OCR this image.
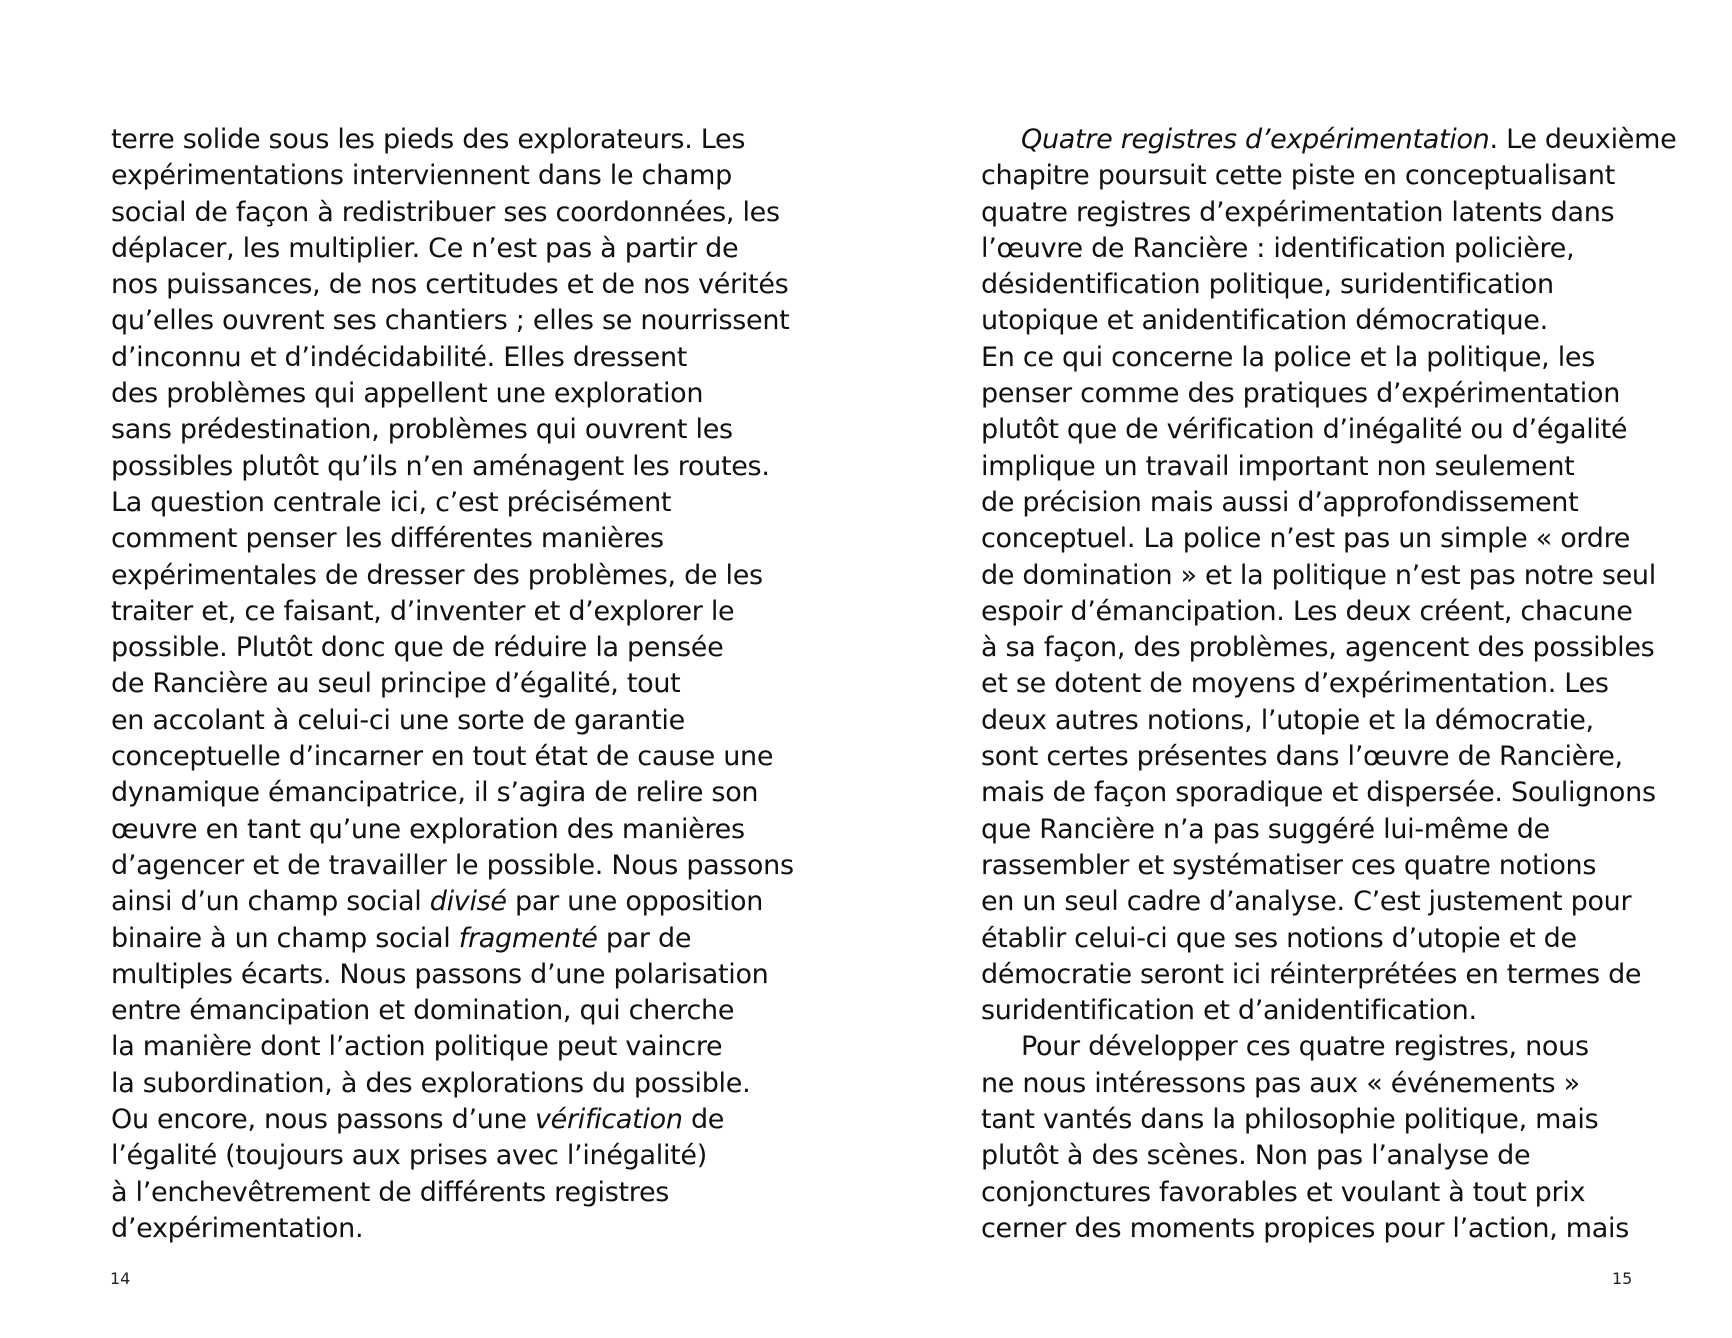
terre solide sous les pieds des explorateurs. Les
expérimentations interviennent dans le champ
social de façon à redistribuer ses coordonnées, les
déplacer, les multiplier. Ce n’est pas à partir de
nos puissances, de nos certitudes et de nos vérités
qu’elles ouvrent ses chantiers ; elles se nourrissent
d’inconnu et d’indécidabilité. Elles dressent
des problèmes qui appellent une exploration
sans prédestination, problèmes qui ouvrent les
possibles plutôt qu’ils n’en aménagent les routes.
La question centrale ici, c’est précisément
comment penser les différentes manières
expérimentales de dresser des problèmes, de les
traiter et, ce faisant, d’inventer et d’explorer le
possible. Plutôt donc que de réduire la pensée
de Rancière au seul principe d’égalité, tout
en accolant à celui-ci une sorte de garantie
conceptuelle d’incarner en tout état de cause une
dynamique émancipatrice, il s’agira de relire son
œuvre en tant qu’une exploration des manières
d’agencer et de travailler le possible. Nous passons
ainsi d’un champ social divisé par une opposition
binaire à un champ social fragmenté par de
multiples écarts. Nous passons d’une polarisation
entre émancipation et domination, qui cherche
la manière dont l’action politique peut vaincre
la subordination, à des explorations du possible.
Ou encore, nous passons d’une vérification de
l’égalité (toujours aux prises avec l’inégalité)
à l’enchevêtrement de différents registres
d’expérimentation.
14
Quatre registres d’expérimentation. Le deuxième
chapitre poursuit cette piste en conceptualisant
quatre registres d’expérimentation latents dans
l’œuvre de Rancière : identification policière,
désidentification politique, suridentification
utopique et anidentification démocratique.
En ce qui concerne la police et la politique, les
penser comme des pratiques d’expérimentation
plutôt que de vérification d’inégalité ou d’égalité
implique un travail important non seulement
de précision mais aussi d’approfondissement
conceptuel. La police n’est pas un simple « ordre
de domination » et la politique n’est pas notre seul
espoir d’émancipation. Les deux créent, chacune
à sa façon, des problèmes, agencent des possibles
et se dotent de moyens d’expérimentation. Les
deux autres notions, l’utopie et la démocratie,
sont certes présentes dans l’œuvre de Rancière,
mais de façon sporadique et dispersée. Soulignons
que Rancière n’a pas suggéré lui-même de
rassembler et systématiser ces quatre notions
en un seul cadre d’analyse. C’est justement pour
établir celui-ci que ses notions d’utopie et de
démocratie seront ici réinterprétées en termes de
suridentification et d’anidentification.
Pour développer ces quatre registres, nous
ne nous intéressons pas aux « événements »
tant vantés dans la philosophie politique, mais
plutôt à des scènes. Non pas l’analyse de
conjonctures favorables et voulant à tout prix
cerner des moments propices pour l’action, mais
15
